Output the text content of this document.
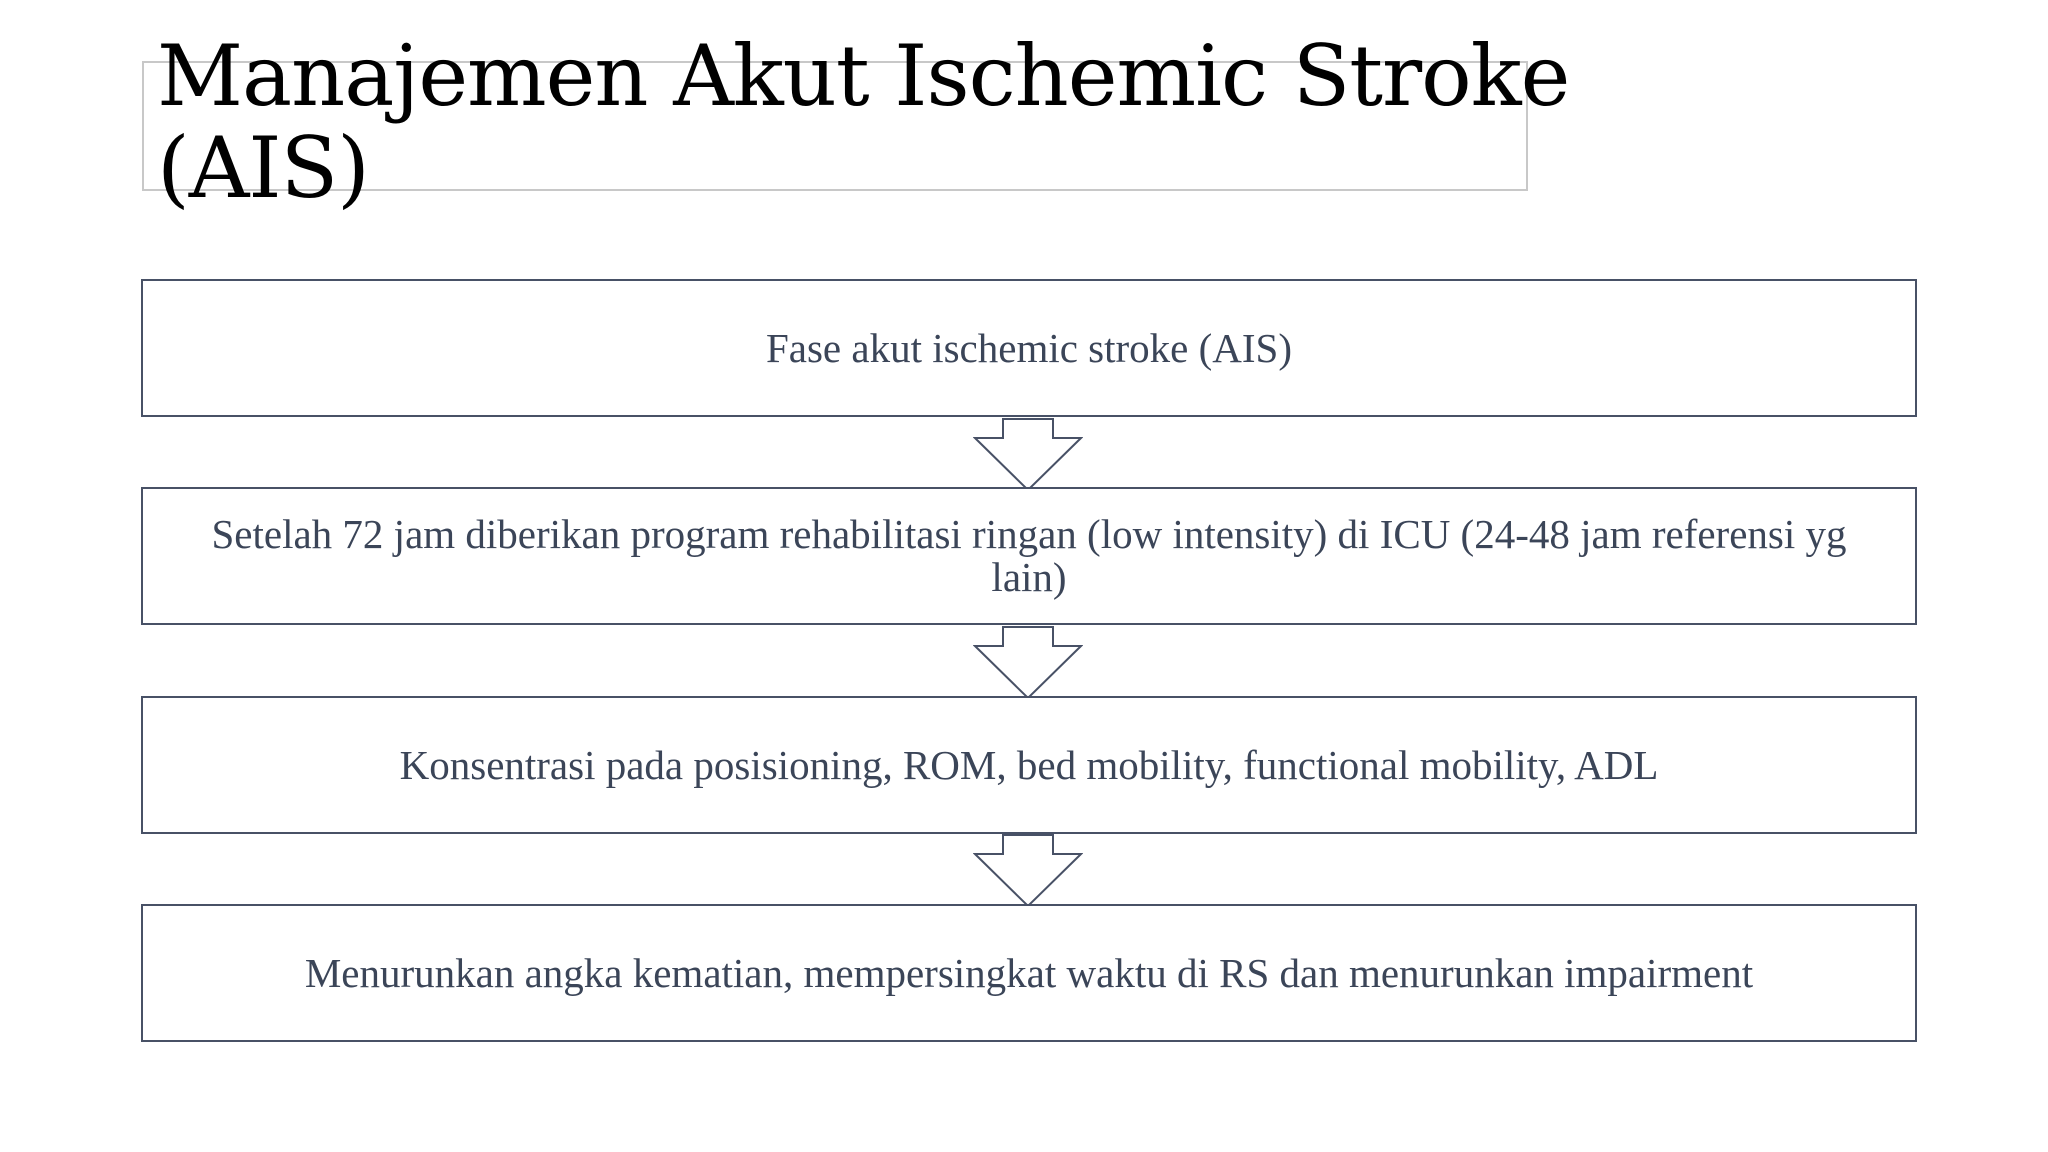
Manajemen Akut Ischemic Stroke (AIS)
Fase akut ischemic stroke (AIS)
Setelah 72 jam diberikan program rehabilitasi ringan (low intensity) di ICU (24-48 jam referensi yg lain)
Konsentrasi pada posisioning, ROM, bed mobility, functional mobility, ADL
Menurunkan angka kematian, mempersingkat waktu di RS dan menurunkan impairment
